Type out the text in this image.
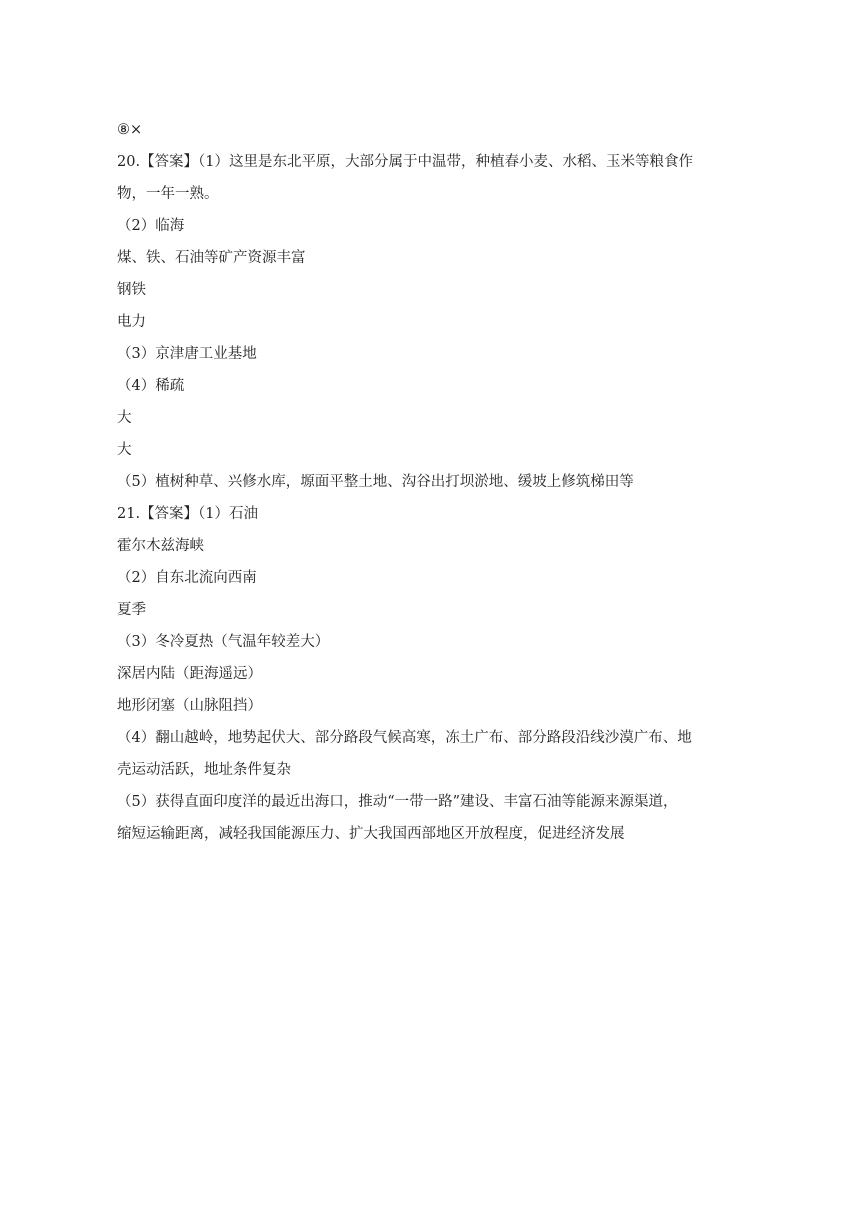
⑧×
20.【答案】（1）这里是东北平原，大部分属于中温带，种植春小麦、水稻、玉米等粮食作
物，一年一熟。
（2）临海
煤、铁、石油等矿产资源丰富
钢铁
电力
（3）京津唐工业基地
（4）稀疏
大
大
（5）植树种草、兴修水库，塬面平整土地、沟谷出打坝淤地、缓坡上修筑梯田等
21.【答案】（1）石油
霍尔木兹海峡
（2）自东北流向西南
夏季
（3）冬冷夏热（气温年较差大）
深居内陆（距海遥远）
地形闭塞（山脉阻挡）
（4）翻山越岭，地势起伏大、部分路段气候高寒，冻土广布、部分路段沿线沙漠广布、地
壳运动活跃，地址条件复杂
（5）获得直面印度洋的最近出海口，推动“一带一路”建设、丰富石油等能源来源渠道，
缩短运输距离，减轻我国能源压力、扩大我国西部地区开放程度，促进经济发展
